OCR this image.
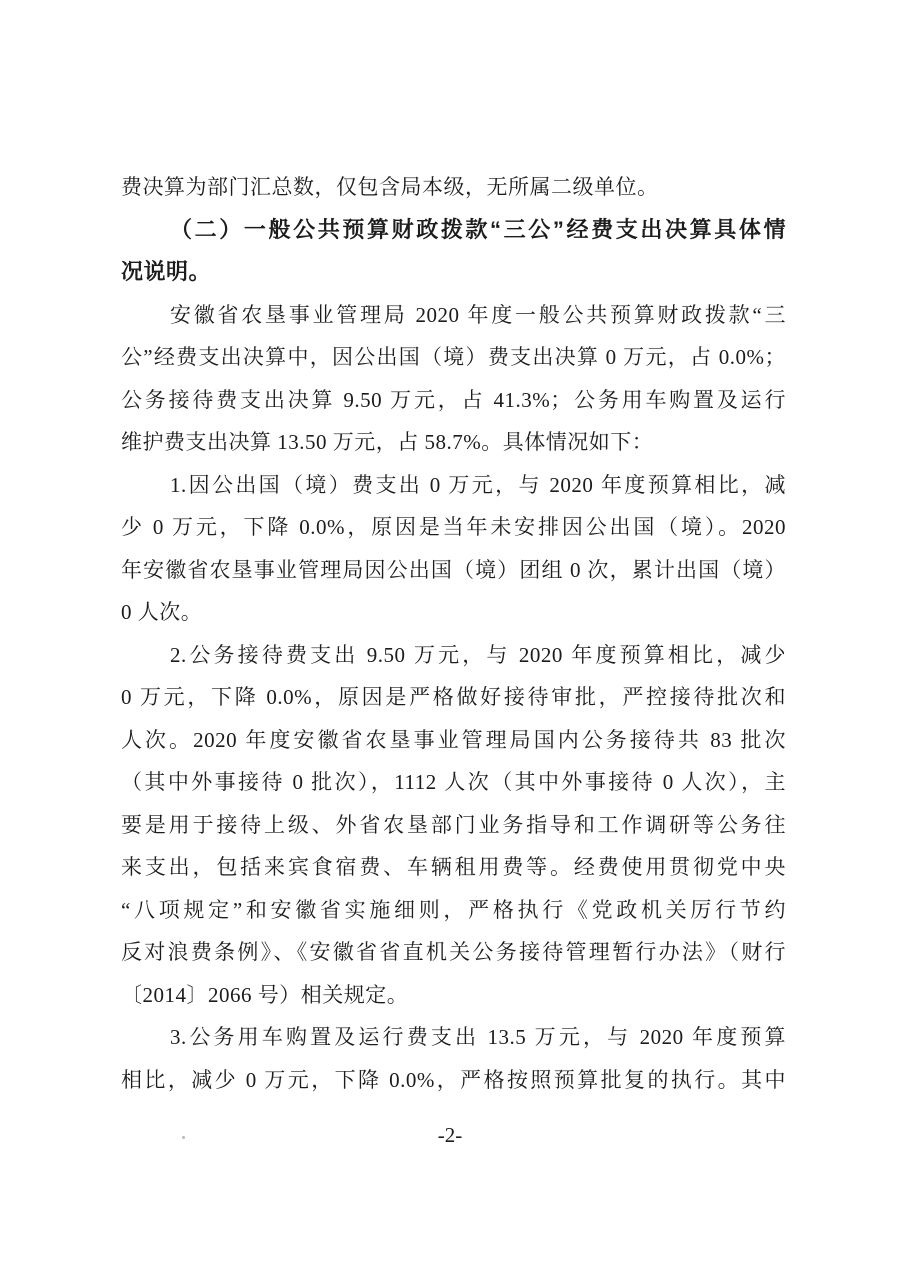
费决算为部门汇总数，仅包含局本级，无所属二级单位。
（二）一般公共预算财政拨款“三公”经费支出决算具体情
况说明。
安徽省农垦事业管理局 2020 年度一般公共预算财政拨款“三
公”经费支出决算中，因公出国（境）费支出决算 0 万元，占 0.0%；
公务接待费支出决算 9.50 万元，占 41.3%；公务用车购置及运行
维护费支出决算 13.50 万元，占 58.7%。具体情况如下：
1.因公出国（境）费支出 0 万元，与 2020 年度预算相比，减
少 0 万元，下降 0.0%，原因是当年未安排因公出国（境）。2020
年安徽省农垦事业管理局因公出国（境）团组 0 次，累计出国（境）
0 人次。
2.公务接待费支出 9.50 万元，与 2020 年度预算相比，减少
0 万元，下降 0.0%，原因是严格做好接待审批，严控接待批次和
人次。2020 年度安徽省农垦事业管理局国内公务接待共 83 批次
（其中外事接待 0 批次），1112 人次（其中外事接待 0 人次），主
要是用于接待上级、外省农垦部门业务指导和工作调研等公务往
来支出，包括来宾食宿费、车辆租用费等。经费使用贯彻党中央
“八项规定”和安徽省实施细则，严格执行《党政机关厉行节约
反对浪费条例》、《安徽省省直机关公务接待管理暂行办法》（财行
〔2014〕2066 号）相关规定。
3.公务用车购置及运行费支出 13.5 万元，与 2020 年度预算
相比，减少 0 万元，下降 0.0%，严格按照预算批复的执行。其中
-2-
